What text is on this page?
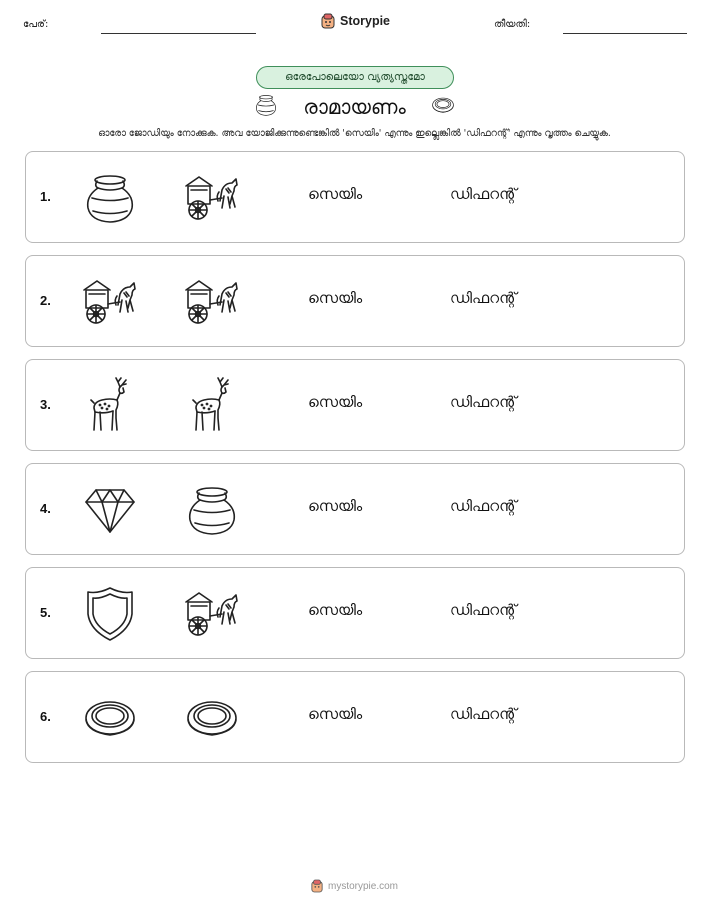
പേര്:	Storypie	തീയതി:
ഒരേപോലെയോ വ്യത്യസ്തമോ
രാമായണം
ഓരോ ജോഡിയും നോക്കുക. അവ യോജിക്കുന്നുണ്ടെങ്കിൽ 'സെയിം' എന്നും ഇല്ലെങ്കിൽ 'ഡിഫറന്റ്' എന്നും വൃത്തം ചെയ്യുക.
1.	സെയിം	ഡിഫറന്റ്
2.	സെയിം	ഡിഫറന്റ്
3.	സെയിം	ഡിഫറന്റ്
4.	സെയിം	ഡിഫറന്റ്
5.	സെയിം	ഡിഫറന്റ്
6.	സെയിം	ഡിഫറന്റ്
mystorypie.com
